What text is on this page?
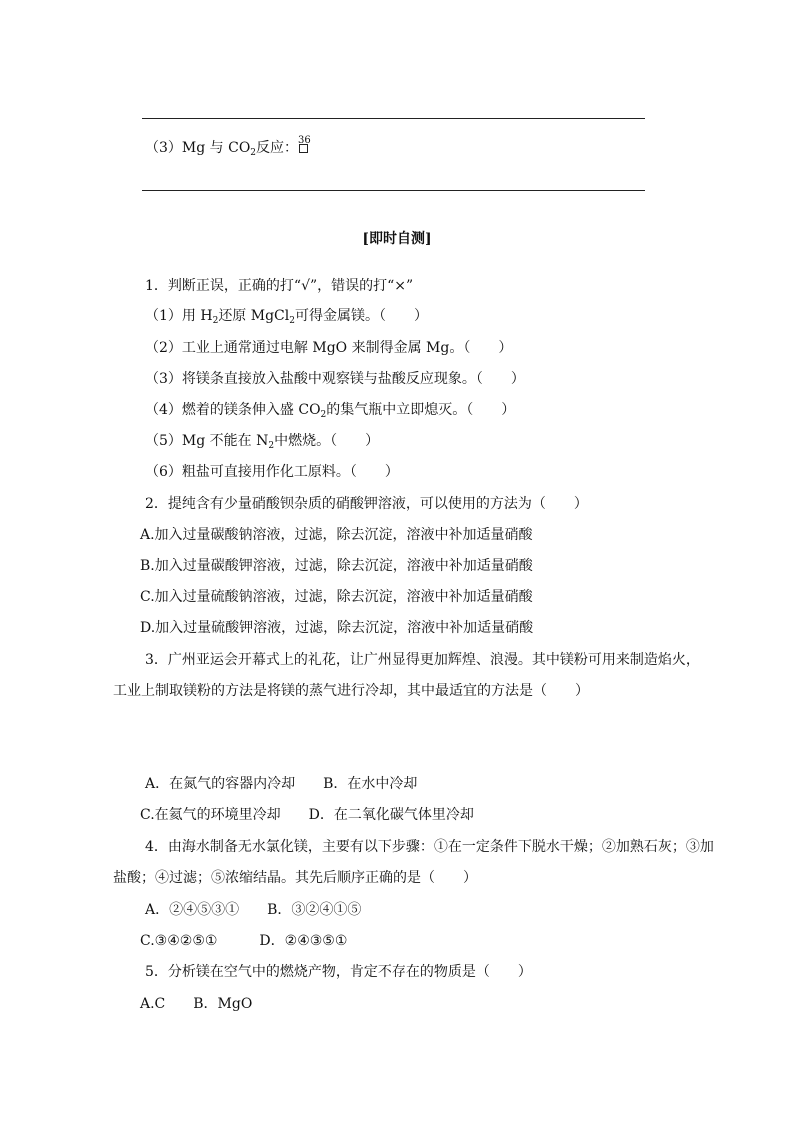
（3）Mg 与 $CO_2$反应：$^{36}$
[即时自测]
1．判断正误，正确的打“√”，错误的打“×”
（1）用 $H_2$还原 MgCl$_2$可得金属镁。（　　）
（2）工业上通常通过电解 MgO 来制得金属 Mg。（　　）
（3）将镁条直接放入盐酸中观察镁与盐酸反应现象。（　　）
（4）燃着的镁条伸入盛 $CO_2$的集气瓶中立即熄灭。（　　）
（5）Mg 不能在 $N_2$中燃烧。（　　）
（6）粗盐可直接用作化工原料。（　　）
2．提纯含有少量硝酸钡杂质的硝酸钾溶液，可以使用的方法为（　　）
A.加入过量碳酸钠溶液，过滤，除去沉淀，溶液中补加适量硝酸
B.加入过量碳酸钾溶液，过滤，除去沉淀，溶液中补加适量硝酸
C.加入过量硫酸钠溶液，过滤，除去沉淀，溶液中补加适量硝酸
D.加入过量硫酸钾溶液，过滤，除去沉淀，溶液中补加适量硝酸
3．广州亚运会开幕式上的礼花，让广州显得更加辉煌、浪漫。其中镁粉可用来制造焰火，
工业上制取镁粉的方法是将镁的蒸气进行冷却，其中最适宜的方法是（　　）
A．在氮气的容器内冷却　　B．在水中冷却
C.在氦气的环境里冷却　　D．在二氧化碳气体里冷却
4．由海水制备无水氯化镁，主要有以下步骤：①在一定条件下脱水干燥；②加熟石灰；③加
盐酸；④过滤；⑤浓缩结晶。其先后顺序正确的是（　　）
A．②④⑤③①　　B．③②④①⑤
C.③④②⑤①　　　D．②④③⑤①
5．分析镁在空气中的燃烧产物，肯定不存在的物质是（　　）
A.C　　B．MgO
